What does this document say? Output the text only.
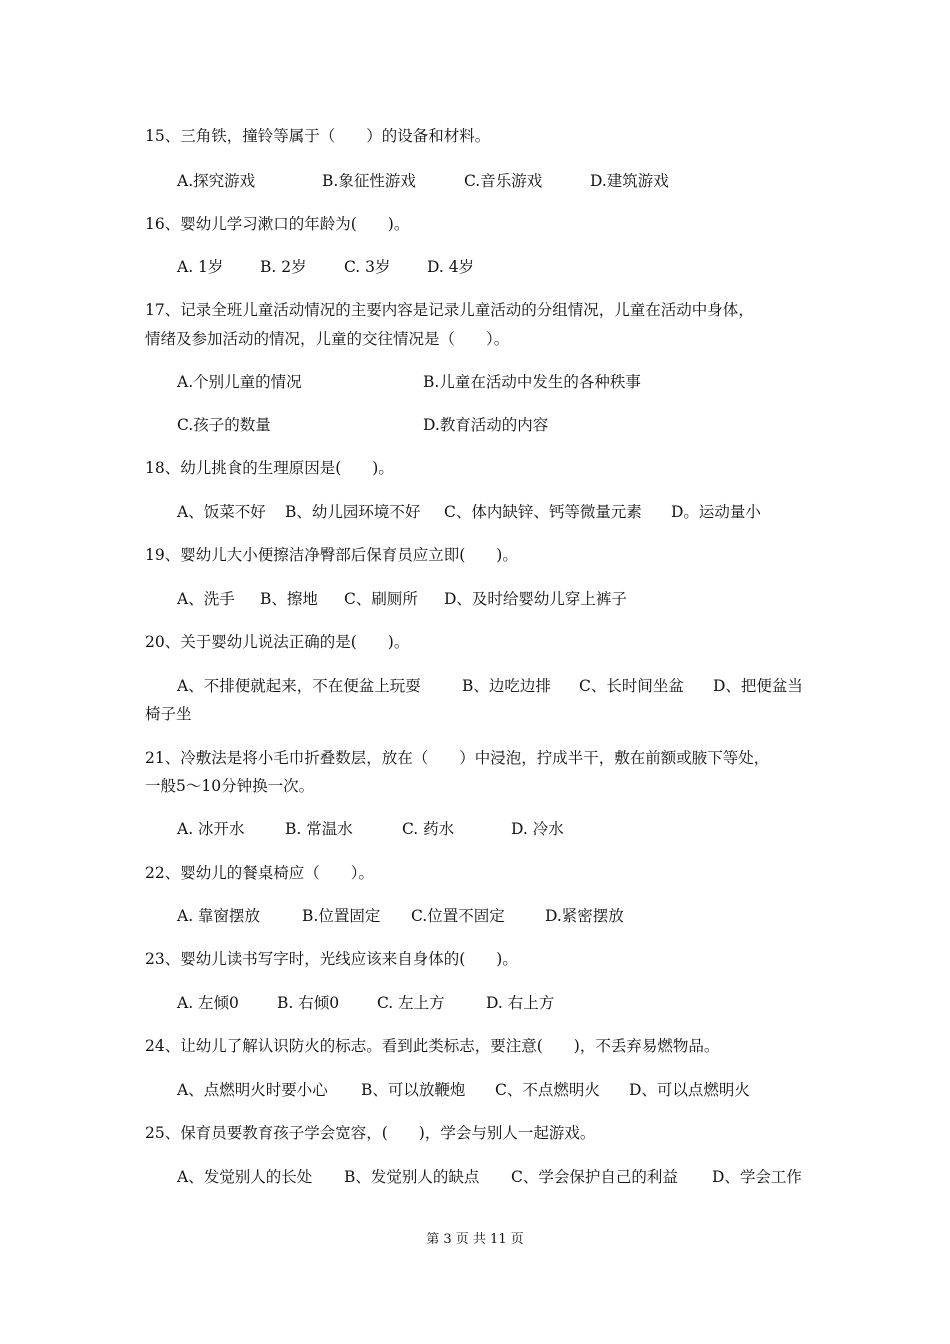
15、三角铁，撞铃等属于（　　）的设备和材料。

A.探究游戏

	B.象征性游戏

	C.音乐游戏

	D.建筑游戏

16、婴幼儿学习漱口的年龄为(　　)。

A. 1岁

B. 2岁

C. 3岁

D. 4岁

17、记录全班儿童活动情况的主要内容是记录儿童活动的分组情况，儿童在活动中身体，
情绪及参加活动的情况，儿童的交往情况是（　　）。

A.个别儿童的情况

	B.儿童在活动中发生的各种秩事

C.孩子的数量

	D.教育活动的内容

18、幼儿挑食的生理原因是(　　)。

A、饭菜不好

B、幼儿园环境不好

C、体内缺锌、钙等微量元素

D。运动量小

19、婴幼儿大小便擦洁净臀部后保育员应立即(　　)。

A、洗手

B、擦地

C、刷厕所

D、及时给婴幼儿穿上裤子

20、关于婴幼儿说法正确的是(　　)。

A、不排便就起来，不在便盆上玩耍

	B、边吃边排

C、长时间坐盆

D、把便盆当

椅子坐
21、冷敷法是将小毛巾折叠数层，放在（　　）中浸泡，拧成半干，敷在前额或腋下等处，
一般5～10分钟换一次。

A. 冰开水

	B. 常温水

	C. 药水

	D. 冷水

22、婴幼儿的餐桌椅应（　　）。

A. 靠窗摆放

	B.位置固定

C.位置不固定

	D.紧密摆放

23、婴幼儿读书写字时，光线应该来自身体的(　　)。

A. 左倾0

B. 右倾0

C. 左上方

	D. 右上方

24、让幼儿了解认识防火的标志。看到此类标志，要注意(　　)，不丢弃易燃物品。

A、点燃明火时要小心

B、可以放鞭炮

C、不点燃明火

D、可以点燃明火

25、保育员要教育孩子学会宽容，(　　)，学会与别人一起游戏。

A、发觉别人的长处

B、发觉别人的缺点

C、学会保护自己的利益

D、学会工作

第 3 页 共 11 页
